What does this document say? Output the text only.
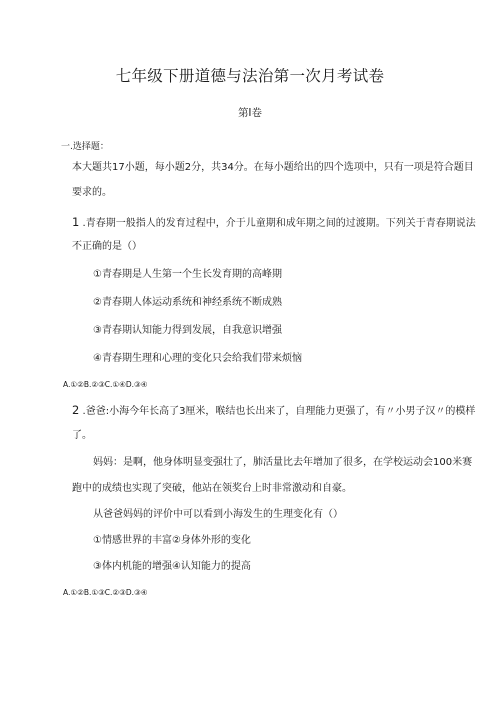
七年级下册道德与法治第一次月考试卷
第Ⅰ卷
一.选择题：
本大题共17小题，每小题2分，共34分。在每小题给出的四个选项中，只有一项是符合题目
要求的。
1 .青春期一般指人的发育过程中，介于儿童期和成年期之间的过渡期。下列关于青春期说法
不正确的是（）
①青春期是人生第一个生长发育期的高峰期
②青春期人体运动系统和神经系统不断成熟
③青春期认知能力得到发展，自我意识增强
④青春期生理和心理的变化只会给我们带来烦恼
A.①②B.②③C.①④D.③④
2 .爸爸:小海今年长高了3厘米，喉结也长出来了，自理能力更强了，有〃小男子汉〃的模样
了。
妈妈：是啊，他身体明显变强壮了，肺活量比去年增加了很多，在学校运动会100米赛
跑中的成绩也实现了突破，他站在领奖台上时非常激动和自豪。
从爸爸妈妈的评价中可以看到小海发生的生理变化有（）
①情感世界的丰富②身体外形的变化
③体内机能的增强④认知能力的提高
A.①②B.①③C.②③D.③④
